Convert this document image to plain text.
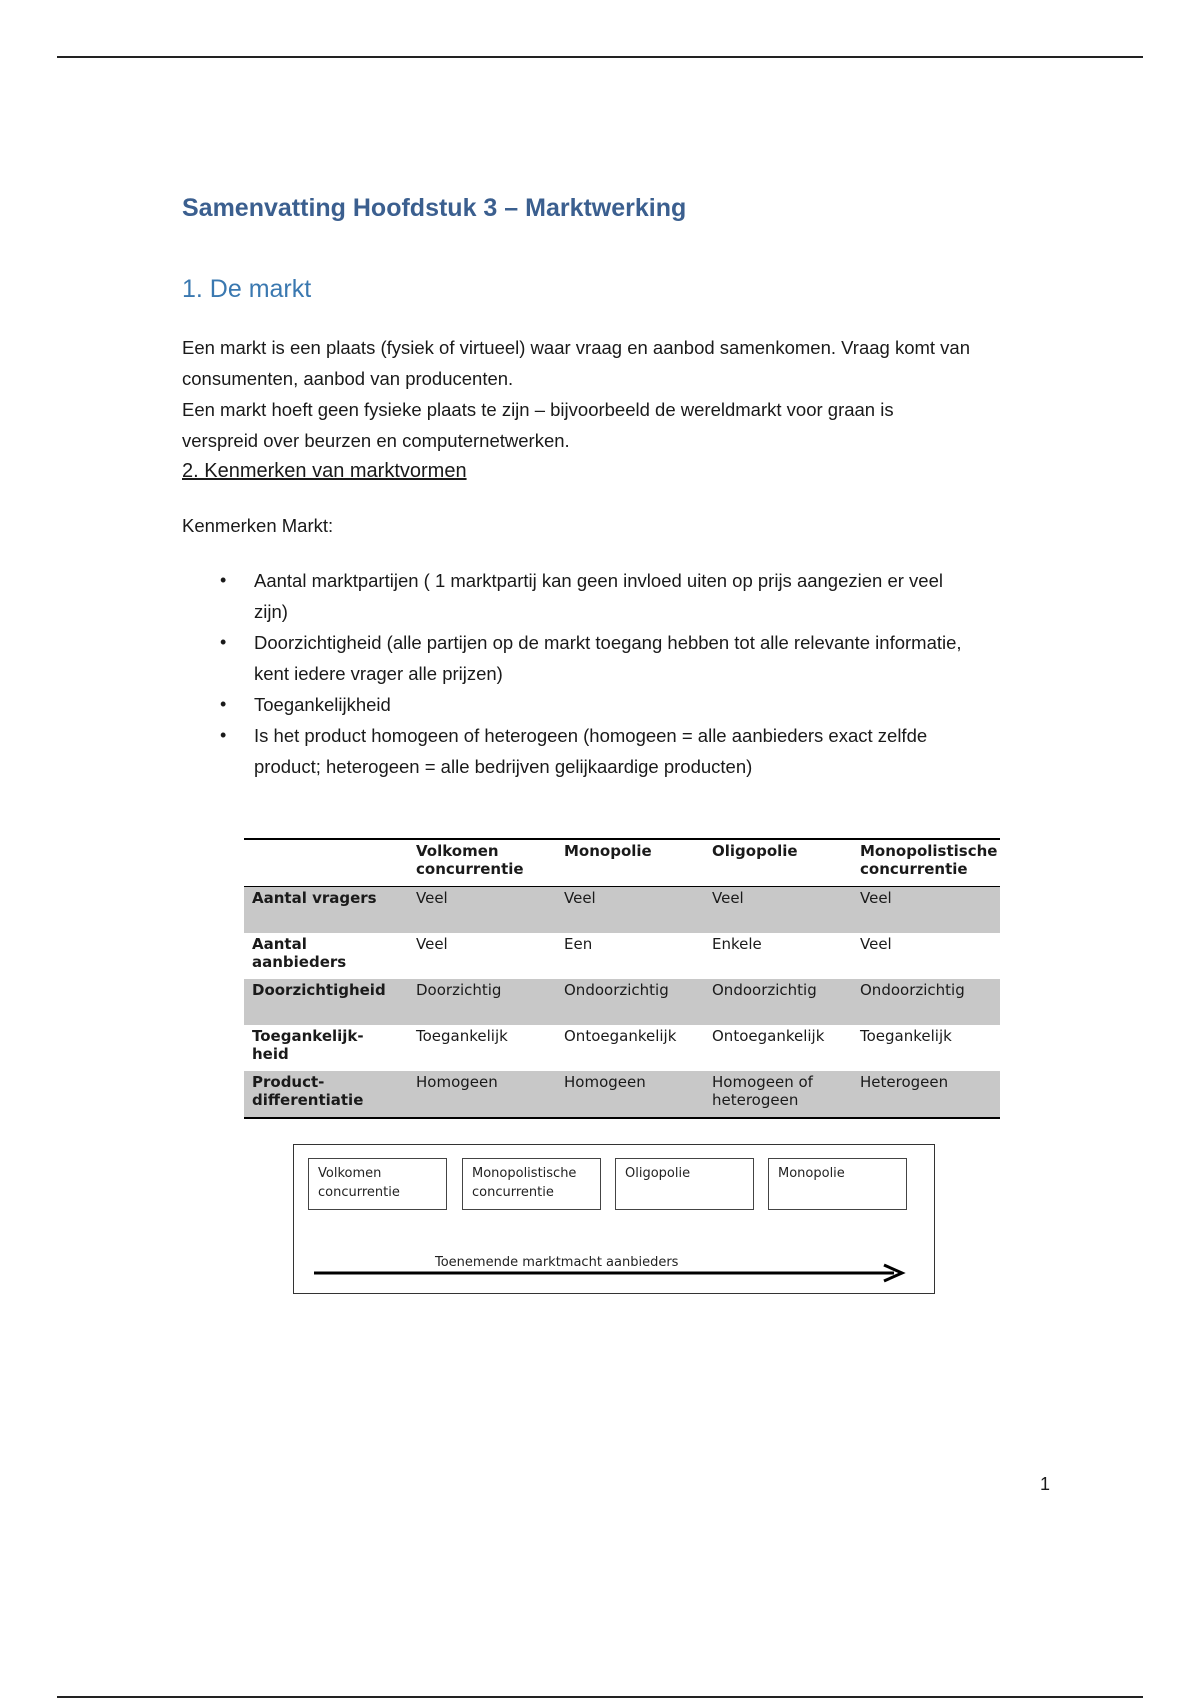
Samenvatting Hoofdstuk 3 – Marktwerking
1. De markt

Een markt is een plaats (fysiek of virtueel) waar vraag en aanbod samenkomen. Vraag komt van
consumenten, aanbod van producenten.

Een markt hoeft geen fysieke plaats te zijn – bijvoorbeeld de wereldmarkt voor graan is
verspreid over beurzen en computernetwerken.

2. Kenmerken van marktvormen

Kenmerken Markt:

• Aantal marktpartijen ( 1 marktpartij kan geen invloed uiten op prijs aangezien er veel
zijn)
• Doorzichtigheid (alle partijen op de markt toegang hebben tot alle relevante informatie,
kent iedere vrager alle prijzen)
• Toegankelijkheid
• Is het product homogeen of heterogeen (homogeen = alle aanbieders exact zelfde
product; heterogeen = alle bedrijven gelijkaardige producten)
	Volkomen
concurrentie	Monopolie	Oligopolie	Monopolistische
concurrentie
Aantal vragers	Veel	Veel	Veel	Veel
Aantal
aanbieders	Veel	Een	Enkele	Veel
Doorzichtigheid	Doorzichtig	Ondoorzichtig	Ondoorzichtig	Ondoorzichtig
Toegankelijk-
heid	Toegankelijk	Ontoegankelijk	Ontoegankelijk	Toegankelijk
Product-
differentiatie	Homogeen	Homogeen	Homogeen of
heterogeen	Heterogeen
Volkomen
concurrentie
Monopolistische
concurrentie
Oligopolie	Monopolie
Toenemende marktmacht aanbieders
1
